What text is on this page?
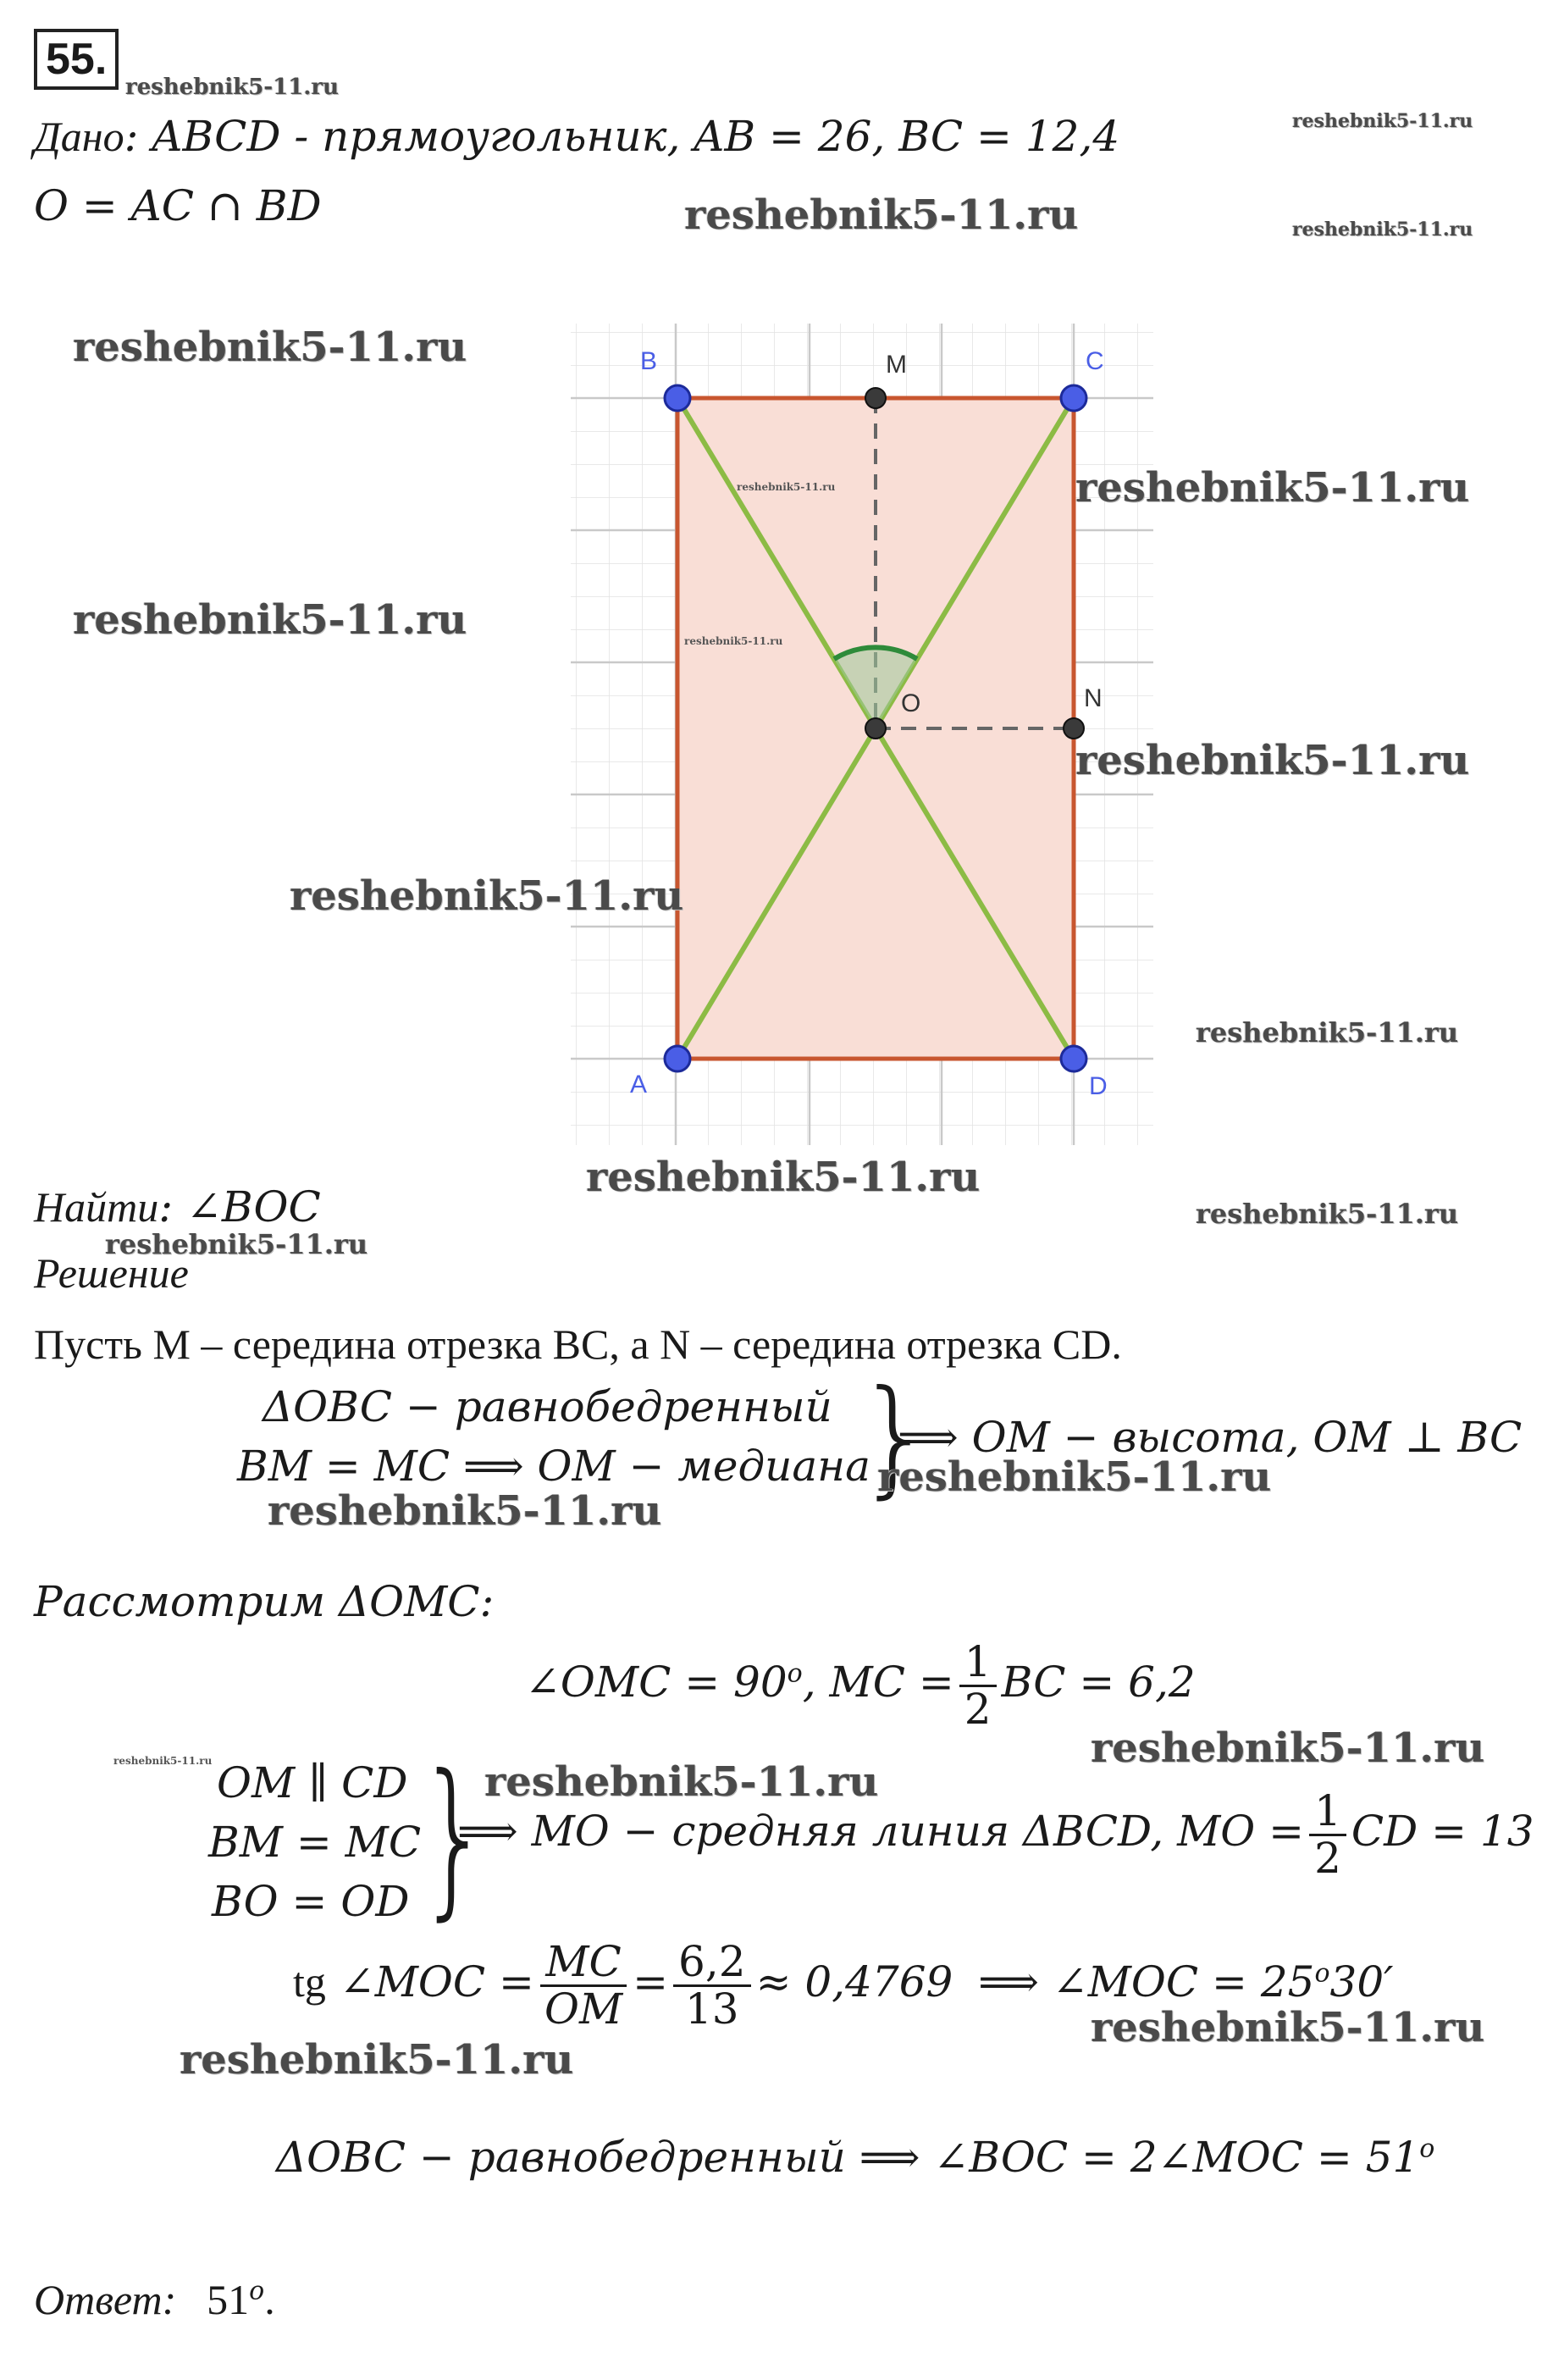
55.
reshebnik5-11.ru
Дано: ABCD - прямоугольник, AB = 26, BC = 12,4	reshebnik5-11.ru
O = AC ∩ BD	reshebnik5-11.ru	reshebnik5-11.ru
B	C
A	D
M
O	N
reshebnik5-11.ru
reshebnik5-11.ru
reshebnik5-11.ru
reshebnik5-11.ru
reshebnik5-11.ru
reshebnik5-11.ru
reshebnik5-11.ru
reshebnik5-11.ru
reshebnik5-11.ru
Найти: ∠BOC	reshebnik5-11.ru
reshebnik5-11.ru
Решение
Пусть M – середина отрезка BC, а N – середина отрезка CD.
ΔOBC − равнобедренный
BM = MC ⟹ OM − медиана
}
⟹ OM − высота, OM ⊥ BC
reshebnik5-11.ru
reshebnik5-11.ru
Рассмотрим ΔOMC:
∠OMC = $90^o$, MC = $\frac{1}{2}$ BC = 6,2
reshebnik5-11.ru
reshebnik5-11.ru OM ∥ CD
BM = MC
BO = OD }
reshebnik5-11.ru
⟹ MO − средняя линия ΔBCD, MO = $\frac{1}{2}$ CD = 13
tg ∠MOC = $\frac{MC}{OM} = \frac{6,2}{13} \approx 0,4769$ ⟹ ∠MOC = $25^o30'$
reshebnik5-11.ru
reshebnik5-11.ru
ΔOBC − равнобедренный ⟹ ∠BOC = 2∠MOC = $51^o$
Ответ: 51$^o$.
